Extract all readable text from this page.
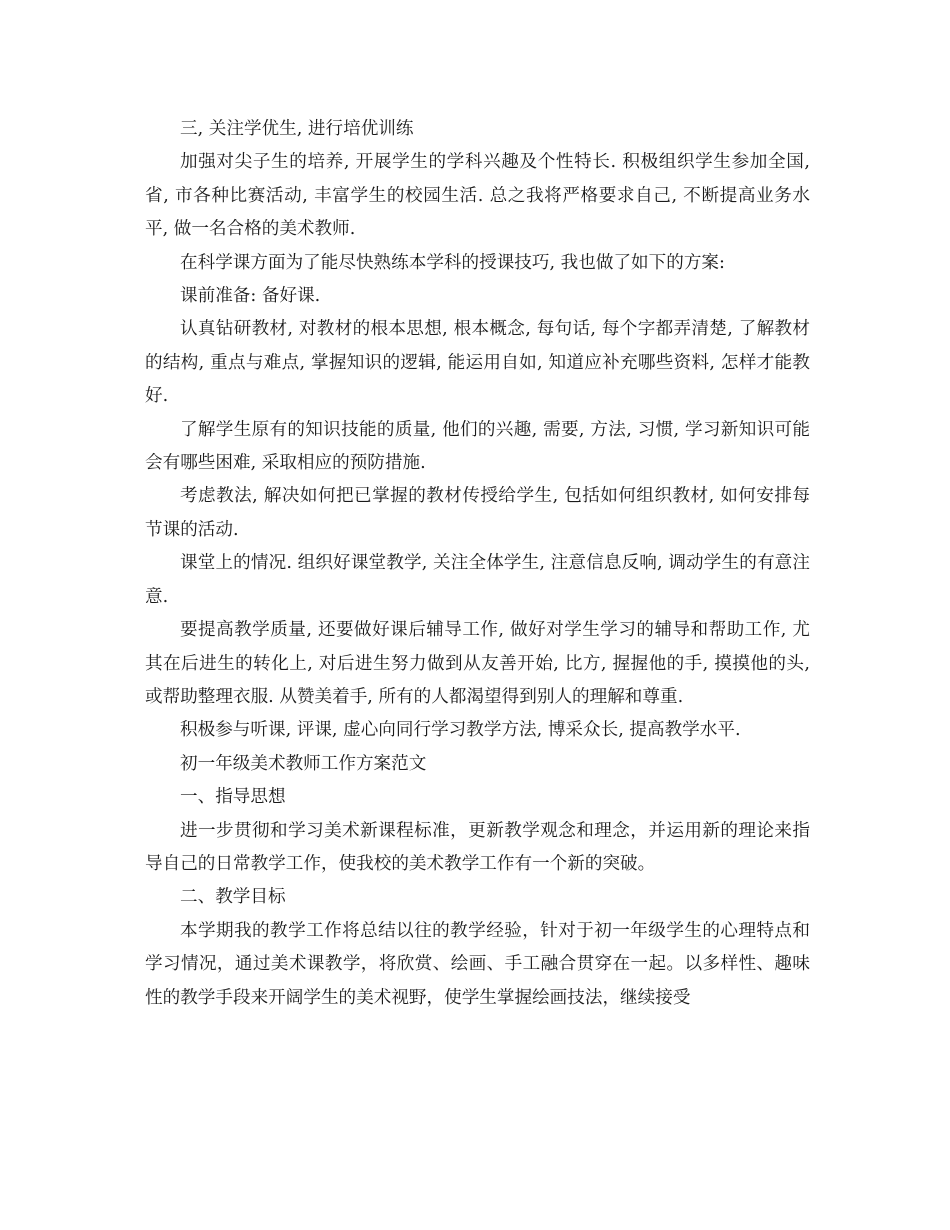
三, 关注学优生, 进行培优训练

加强对尖子生的培养, 开展学生的学科兴趣及个性特长. 积极组织学生参加全国, 省, 市各种比赛活动, 丰富学生的校园生活. 总之我将严格要求自己, 不断提高业务水平, 做一名合格的美术教师.

在科学课方面为了能尽快熟练本学科的授课技巧, 我也做了如下的方案:

课前准备: 备好课.

认真钻研教材, 对教材的根本思想, 根本概念, 每句话, 每个字都弄清楚, 了解教材的结构, 重点与难点, 掌握知识的逻辑, 能运用自如, 知道应补充哪些资料, 怎样才能教好.

了解学生原有的知识技能的质量, 他们的兴趣, 需要, 方法, 习惯, 学习新知识可能会有哪些困难, 采取相应的预防措施.

考虑教法, 解决如何把已掌握的教材传授给学生, 包括如何组织教材, 如何安排每节课的活动.

课堂上的情况. 组织好课堂教学, 关注全体学生, 注意信息反响, 调动学生的有意注意.

要提高教学质量, 还要做好课后辅导工作, 做好对学生学习的辅导和帮助工作, 尤其在后进生的转化上, 对后进生努力做到从友善开始, 比方, 握握他的手, 摸摸他的头, 或帮助整理衣服. 从赞美着手, 所有的人都渴望得到别人的理解和尊重.

积极参与听课, 评课, 虚心向同行学习教学方法, 博采众长, 提高教学水平.

初一年级美术教师工作方案范文

一、指导思想

进一步贯彻和学习美术新课程标准，更新教学观念和理念，并运用新的理论来指导自己的日常教学工作，使我校的美术教学工作有一个新的突破。

二、教学目标

本学期我的教学工作将总结以往的教学经验，针对于初一年级学生的心理特点和学习情况，通过美术课教学，将欣赏、绘画、手工融合贯穿在一起。以多样性、趣味性的教学手段来开阔学生的美术视野，使学生掌握绘画技法，继续接受
